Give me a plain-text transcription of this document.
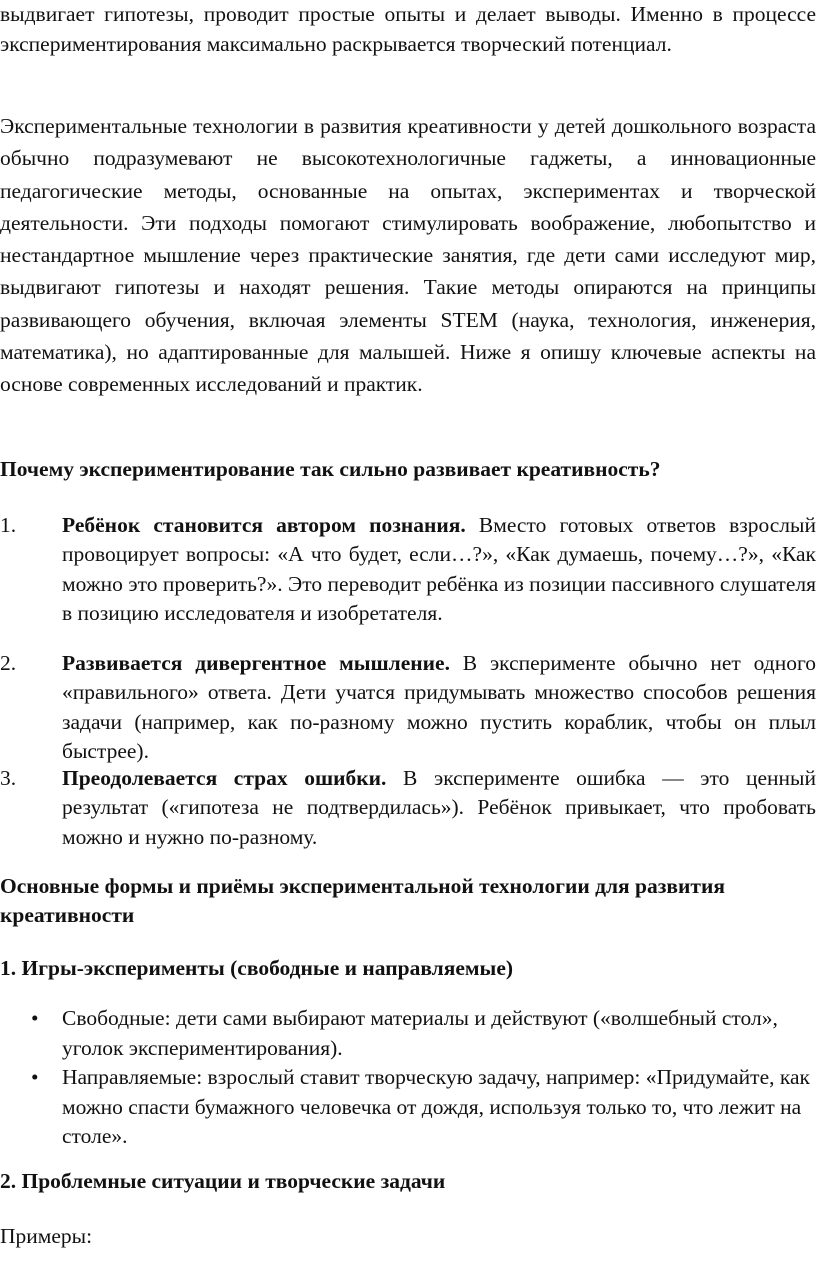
выдвигает гипотезы, проводит простые опыты и делает выводы. Именно в процессе экспериментирования максимально раскрывается творческий потенциал.
Экспериментальные технологии в развития креативности у детей дошкольного возраста обычно подразумевают не высокотехнологичные гаджеты, а инновационные педагогические методы, основанные на опытах, экспериментах и творческой деятельности. Эти подходы помогают стимулировать воображение, любопытство и нестандартное мышление через практические занятия, где дети сами исследуют мир, выдвигают гипотезы и находят решения. Такие методы опираются на принципы развивающего обучения, включая элементы STEM (наука, технология, инженерия, математика), но адаптированные для малышей. Ниже я опишу ключевые аспекты на основе современных исследований и практик.
Почему экспериментирование так сильно развивает креативность?
1. Ребёнок становится автором познания. Вместо готовых ответов взрослый провоцирует вопросы: «А что будет, если…?», «Как думаешь, почему…?», «Как можно это проверить?». Это переводит ребёнка из позиции пассивного слушателя в позицию исследователя и изобретателя.
2. Развивается дивергентное мышление. В эксперименте обычно нет одного «правильного» ответа. Дети учатся придумывать множество способов решения задачи (например, как по-разному можно пустить кораблик, чтобы он плыл быстрее).
3. Преодолевается страх ошибки. В эксперименте ошибка — это ценный результат («гипотеза не подтвердилась»). Ребёнок привыкает, что пробовать можно и нужно по-разному.
Основные формы и приёмы экспериментальной технологии для развития креативности
1. Игры-эксперименты (свободные и направляемые)
• Свободные: дети сами выбирают материалы и действуют («волшебный стол», уголок экспериментирования).
• Направляемые: взрослый ставит творческую задачу, например: «Придумайте, как можно спасти бумажного человечка от дождя, используя только то, что лежит на столе».
2. Проблемные ситуации и творческие задачи
Примеры:
